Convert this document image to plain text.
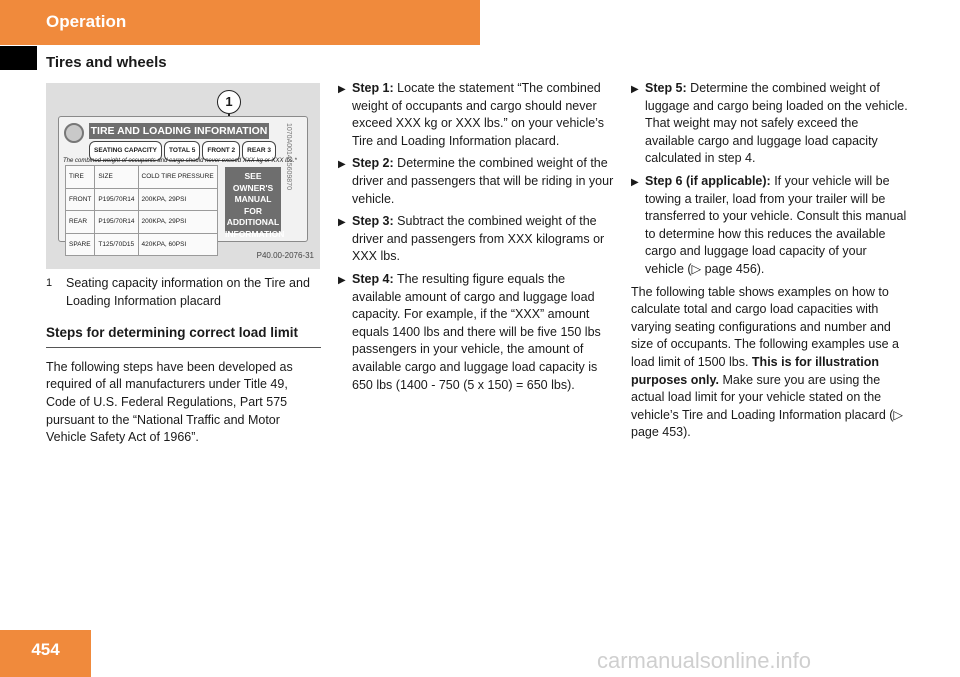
Operation
Tires and wheels
1
TIRE AND LOADING INFORMATION
SEATING CAPACITY TOTAL 5 FRONT 2 REAR 3
The combined weight of occupants and cargo should never exceed XXX kg or XXX lbs.*
1070A001415609870
TIRE	SIZE	COLD TIRE PRESSURE
FRONT	P195/70R14	200KPA, 29PSI
REAR	P195/70R14	200KPA, 29PSI
SPARE	T125/70D15	420KPA, 60PSI
SEE OWNER'S
MANUAL FOR
ADDITIONAL
INFORMATION
P40.00-2076-31
1	Seating capacity information on the Tire and Loading Information placard
Steps for determining correct load limit

The following steps have been developed as required of all manufacturers under Title 49, Code of U.S. Federal Regulations, Part 575 pursuant to the “National Traffic and Motor Vehicle Safety Act of 1966”.

▶ Step 1: Locate the statement “The combined weight of occupants and cargo should never exceed XXX kg or XXX lbs.” on your vehicle’s Tire and Loading Information placard.
▶ Step 2: Determine the combined weight of the driver and passengers that will be riding in your vehicle.
▶ Step 3: Subtract the combined weight of the driver and passengers from XXX kilograms or XXX lbs.
▶ Step 4: The resulting figure equals the available amount of cargo and luggage load capacity. For example, if the “XXX” amount equals 1400 lbs and there will be five 150 lbs passengers in your vehicle, the amount of available cargo and luggage load capacity is 650 lbs (1400 - 750 (5 x 150) = 650 lbs).
▶ Step 5: Determine the combined weight of luggage and cargo being loaded on the vehicle. That weight may not safely exceed the available cargo and luggage load capacity calculated in step 4.
▶ Step 6 (if applicable): If your vehicle will be towing a trailer, load from your trailer will be transferred to your vehicle. Consult this manual to determine how this reduces the available cargo and luggage load capacity of your vehicle (▷ page 456).

The following table shows examples on how to calculate total and cargo load capacities with varying seating configurations and number and size of occupants. The following examples use a load limit of 1500 lbs. This is for illustration purposes only. Make sure you are using the actual load limit for your vehicle stated on the vehicle’s Tire and Loading Information placard (▷ page 453).

454	carmanualsonline.info
